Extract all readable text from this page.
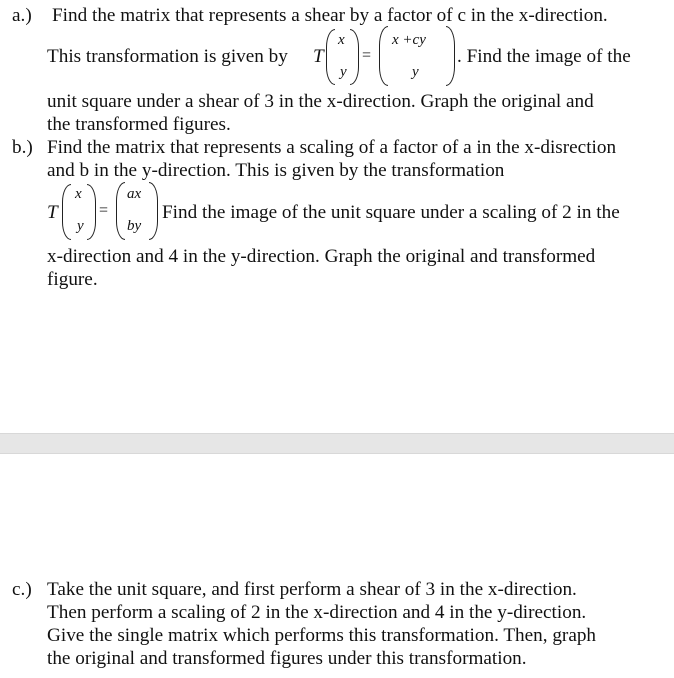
a.) Find the matrix that represents a shear by a factor of c in the x-direction.
This transformation is given by T
x
y
=
x +cy
y
. Find the image of the
unit square under a shear of 3 in the x-direction. Graph the original and
the transformed figures.
b.) Find the matrix that represents a scaling of a factor of a in the x-disrection
and b in the y-direction. This is given by the transformation
T
x
y
=
ax
by
Find the image of the unit square under a scaling of 2 in the
x-direction and 4 in the y-direction. Graph the original and transformed
figure.
c.) Take the unit square, and first perform a shear of 3 in the x-direction.
Then perform a scaling of 2 in the x-direction and 4 in the y-direction.
Give the single matrix which performs this transformation. Then, graph
the original and transformed figures under this transformation.
